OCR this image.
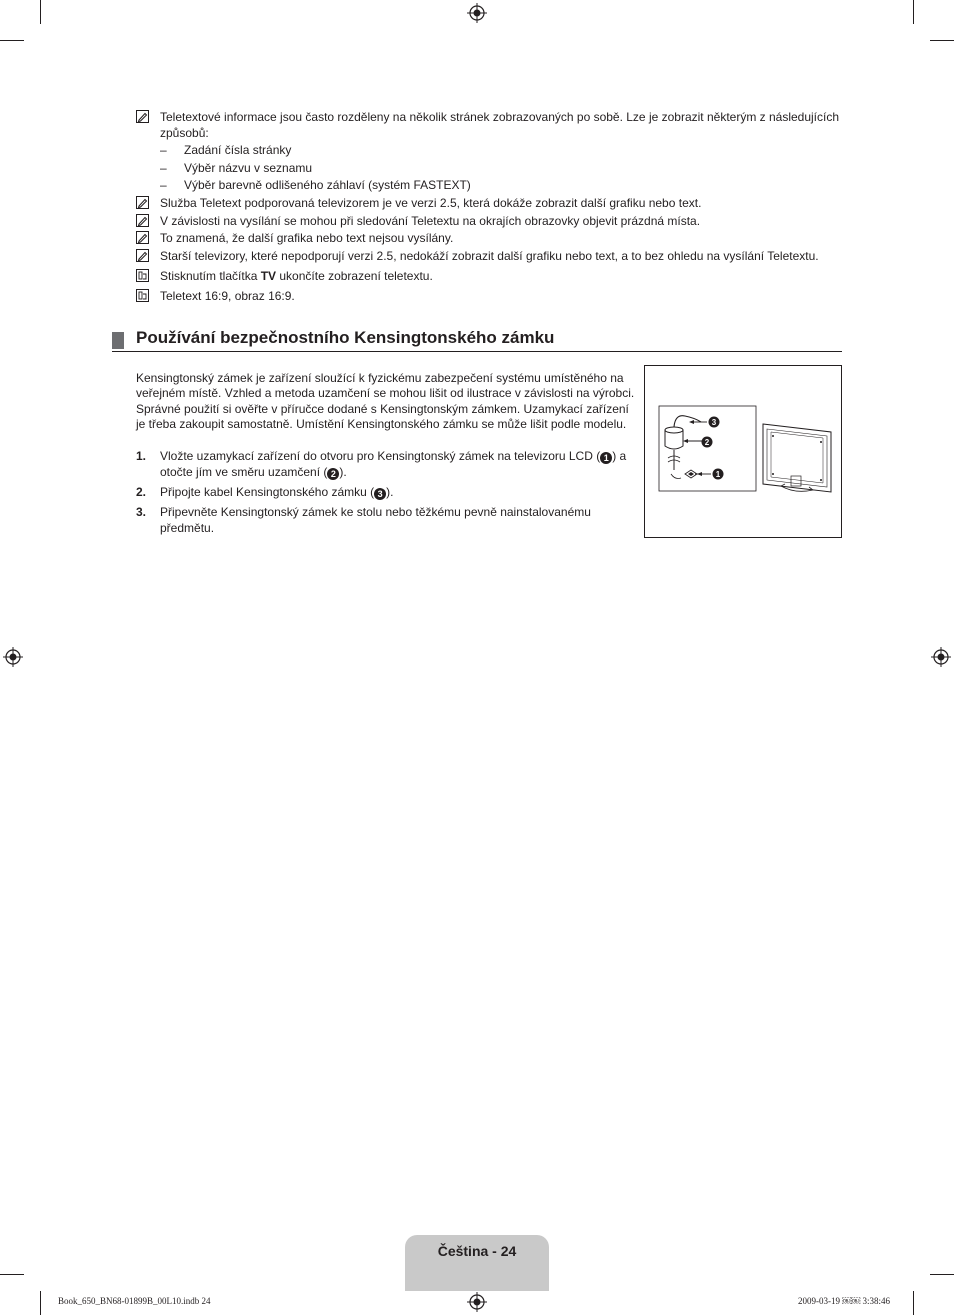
Teletextové informace jsou často rozděleny na několik stránek zobrazovaných po sobě. Lze je zobrazit některým z následujících způsobů:
– Zadání čísla stránky
– Výběr názvu v seznamu
– Výběr barevně odlišeného záhlaví (systém FASTEXT)
Služba Teletext podporovaná televizorem je ve verzi 2.5, která dokáže zobrazit další grafiku nebo text.
V závislosti na vysílání se mohou při sledování Teletextu na okrajích obrazovky objevit prázdná místa.
To znamená, že další grafika nebo text nejsou vysílány.
Starší televizory, které nepodporují verzi 2.5, nedokáží zobrazit další grafiku nebo text, a to bez ohledu na vysílání Teletextu.
Stisknutím tlačítka TV ukončíte zobrazení teletextu.
Teletext 16:9, obraz 16:9.
Používání bezpečnostního Kensingtonského zámku
Kensingtonský zámek je zařízení sloužící k fyzickému zabezpečení systému umístěného na veřejném místě. Vzhled a metoda uzamčení se mohou lišit od ilustrace v závislosti na výrobci. Správné použití si ověřte v příručce dodané s Kensingtonským zámkem. Uzamykací zařízení je třeba zakoupit samostatně. Umístění Kensingtonského zámku se může lišit podle modelu.
1.	Vložte uzamykací zařízení do otvoru pro Kensingtonský zámek na televizoru LCD ( 1 ) a otočte jím ve směru uzamčení ( 2 ).
2.	Připojte kabel Kensingtonského zámku ( 3 ).
3.	Připevněte Kensingtonský zámek ke stolu nebo těžkému pevně nainstalovanému předmětu.
3
2
1
Čeština - 24
Book_650_BN68-01899B_00L10.indb 24	2009-03-19 ￼￼ 3:38:46
